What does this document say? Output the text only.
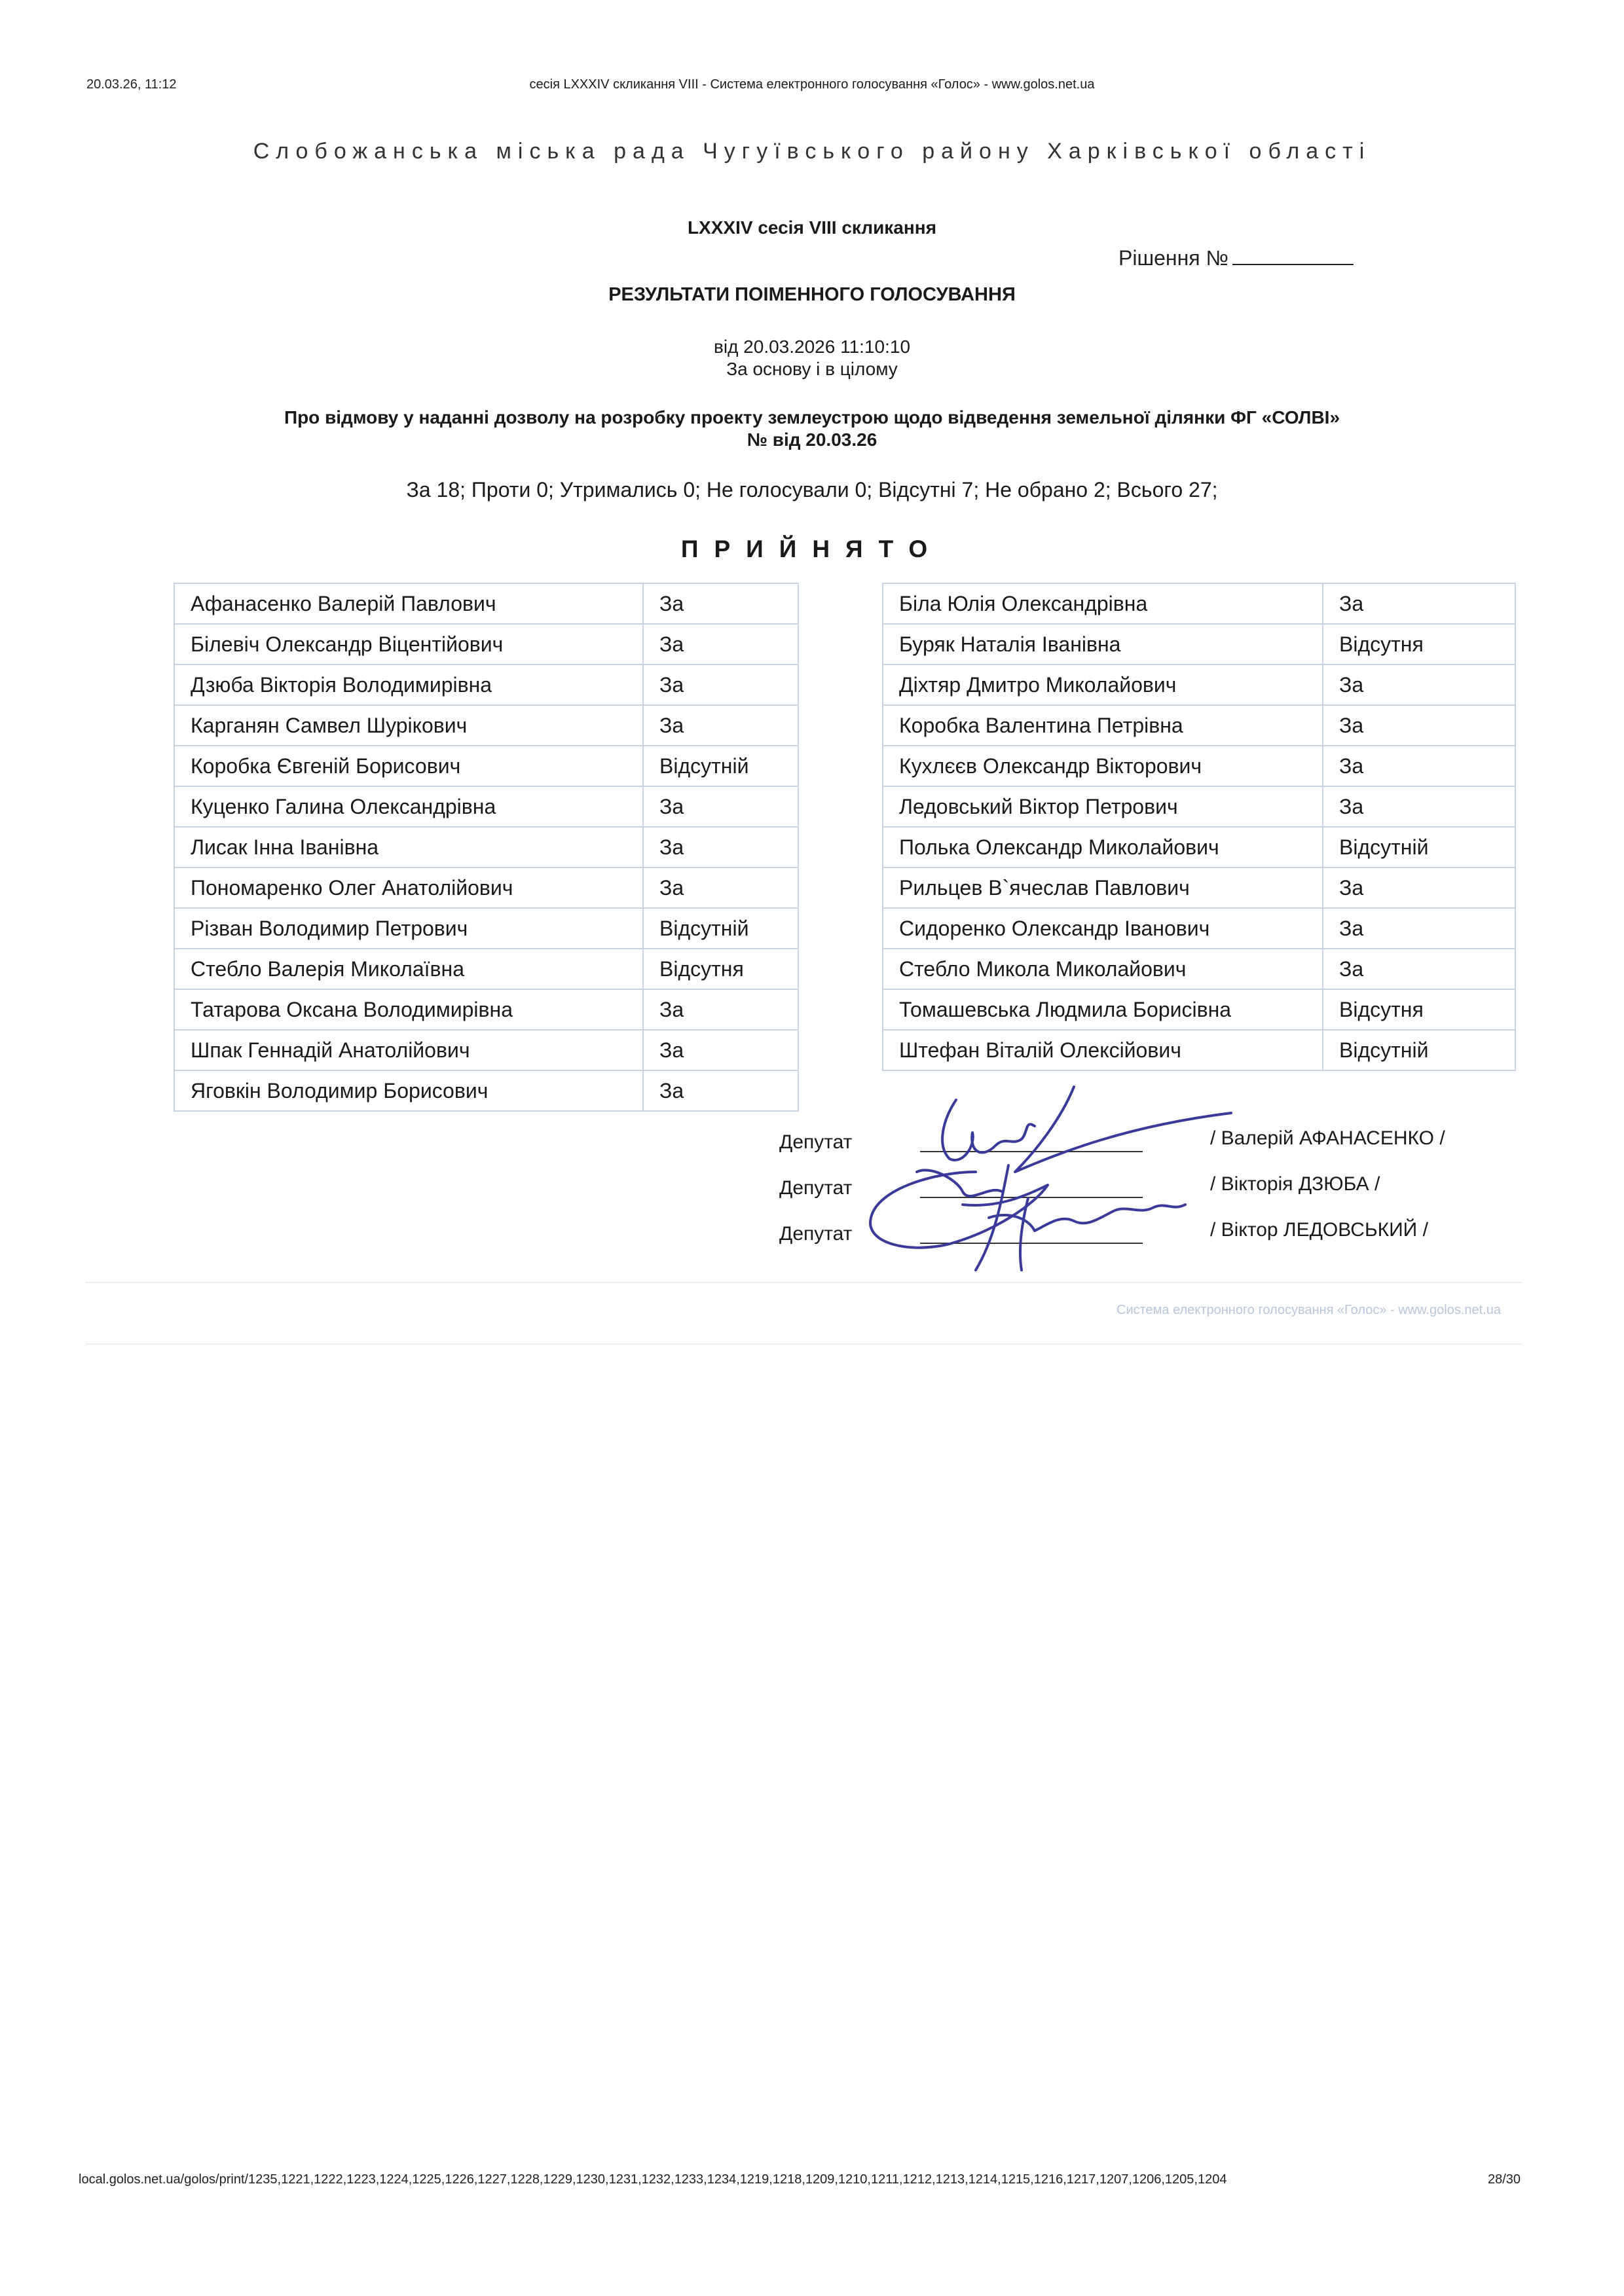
20.03.26, 11:12	сесія LXXXIV скликання VIII - Система електронного голосування «Голос» - www.golos.net.ua
Слобожанська міська рада Чугуївського району Харківської області
LXXXIV сесія VIII скликання
Рішення №
РЕЗУЛЬТАТИ ПОІМЕННОГО ГОЛОСУВАННЯ
від 20.03.2026 11:10:10
За основу і в цілому
Про відмову у наданні дозволу на розробку проекту землеустрою щодо відведення земельної ділянки ФГ «СОЛВІ»
№ від 20.03.26
За 18; Проти 0; Утримались 0; Не голосували 0; Відсутні 7; Не обрано 2; Всього 27;
ПРИЙНЯТО
Афанасенко Валерій Павлович	За
Білевіч Олександр Віцентійович	За
Дзюба Вікторія Володимирівна	За
Карганян Самвел Шурікович	За
Коробка Євгеній Борисович	Відсутній
Куценко Галина Олександрівна	За
Лисак Інна Іванівна	За
Пономаренко Олег Анатолійович	За
Різван Володимир Петрович	Відсутній
Стебло Валерія Миколаївна	Відсутня
Татарова Оксана Володимирівна	За
Шпак Геннадій Анатолійович	За
Яговкін Володимир Борисович	За
Біла Юлія Олександрівна	За
Буряк Наталія Іванівна	Відсутня
Діхтяр Дмитро Миколайович	За
Коробка Валентина Петрівна	За
Кухлєєв Олександр Вікторович	За
Ледовський Віктор Петрович	За
Полька Олександр Миколайович	Відсутній
Рильцев В`ячеслав Павлович	За
Сидоренко Олександр Іванович	За
Стебло Микола Миколайович	За
Томашевська Людмила Борисівна	Відсутня
Штефан Віталій Олексійович	Відсутній
Депутат	/ Валерій АФАНАСЕНКО /
Депутат	/ Вікторія ДЗЮБА /
Депутат	/ Віктор ЛЕДОВСЬКИЙ /
Система електронного голосування «Голос» - www.golos.net.ua
local.golos.net.ua/golos/print/1235,1221,1222,1223,1224,1225,1226,1227,1228,1229,1230,1231,1232,1233,1234,1219,1218,1209,1210,1211,1212,1213,1214,1215,1216,1217,1207,1206,1205,1204	28/30
